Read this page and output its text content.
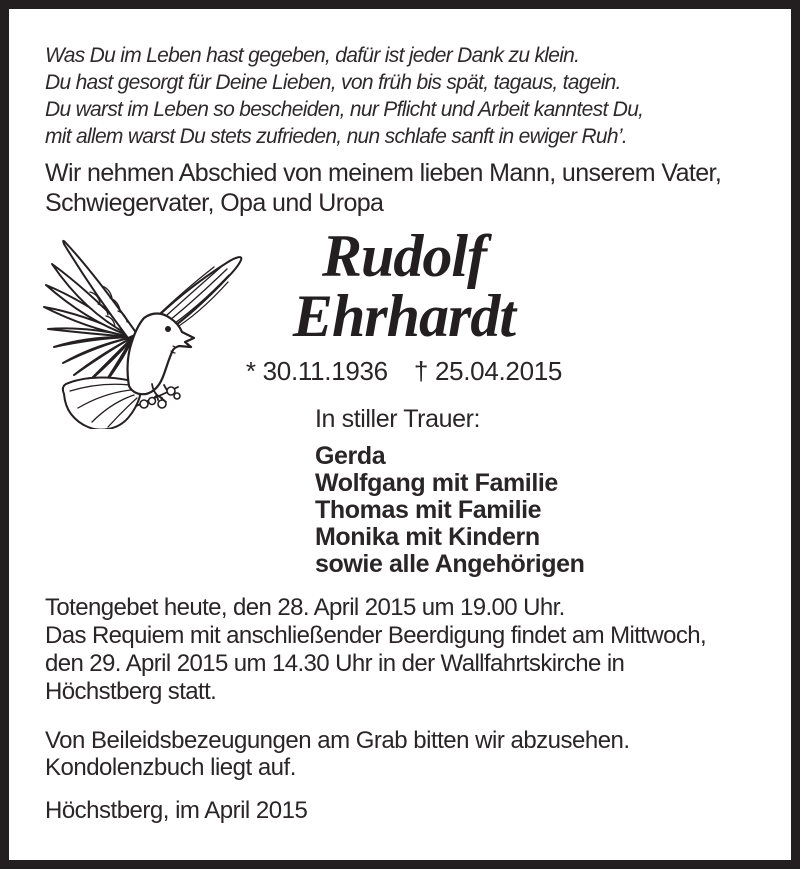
Was Du im Leben hast gegeben, dafür ist jeder Dank zu klein.
Du hast gesorgt für Deine Lieben, von früh bis spät, tagaus, tagein.
Du warst im Leben so bescheiden, nur Pflicht und Arbeit kanntest Du,
mit allem warst Du stets zufrieden, nun schlafe sanft in ewiger Ruh’.
Wir nehmen Abschied von meinem lieben Mann, unserem Vater,
Schwiegervater, Opa und Uropa
Rudolf
Ehrhardt
* 30.11.1936 † 25.04.2015
In stiller Trauer:
Gerda
Wolfgang mit Familie
Thomas mit Familie
Monika mit Kindern
sowie alle Angehörigen
Totengebet heute, den 28. April 2015 um 19.00 Uhr.
Das Requiem mit anschließender Beerdigung findet am Mittwoch,
den 29. April 2015 um 14.30 Uhr in der Wallfahrtskirche in
Höchstberg statt.
Von Beileidsbezeugungen am Grab bitten wir abzusehen.
Kondolenzbuch liegt auf.
Höchstberg, im April 2015
